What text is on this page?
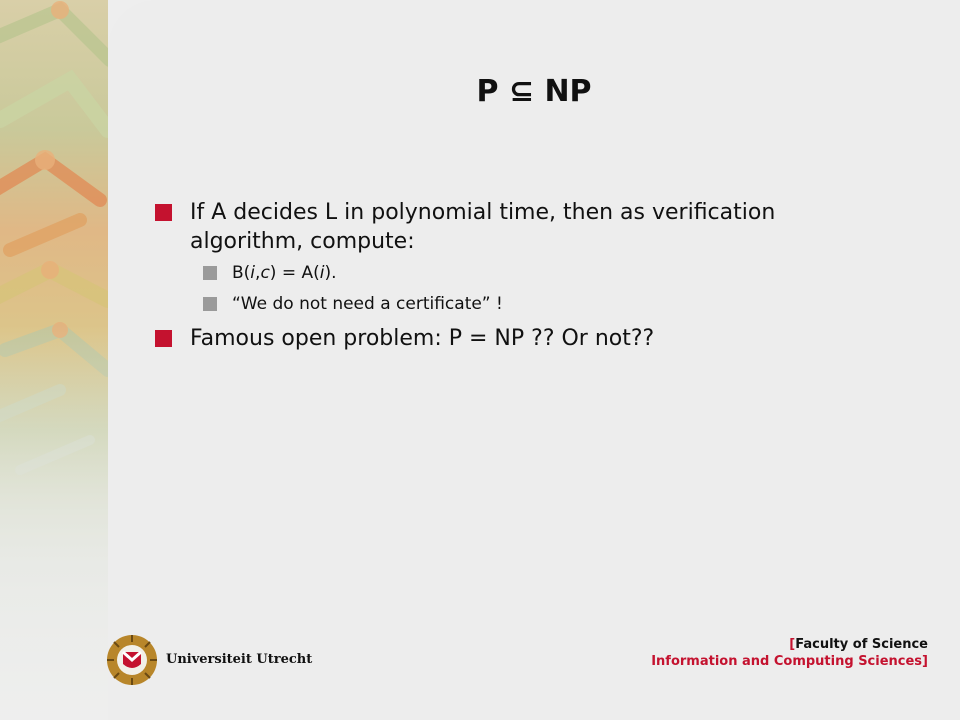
P ⊆ NP
If A decides L in polynomial time, then as verification algorithm, compute:
B(i,c) = A(i).
“We do not need a certificate” !
Famous open problem: P = NP ?? Or not??
Universiteit Utrecht
[Faculty of Science
Information and Computing Sciences]
